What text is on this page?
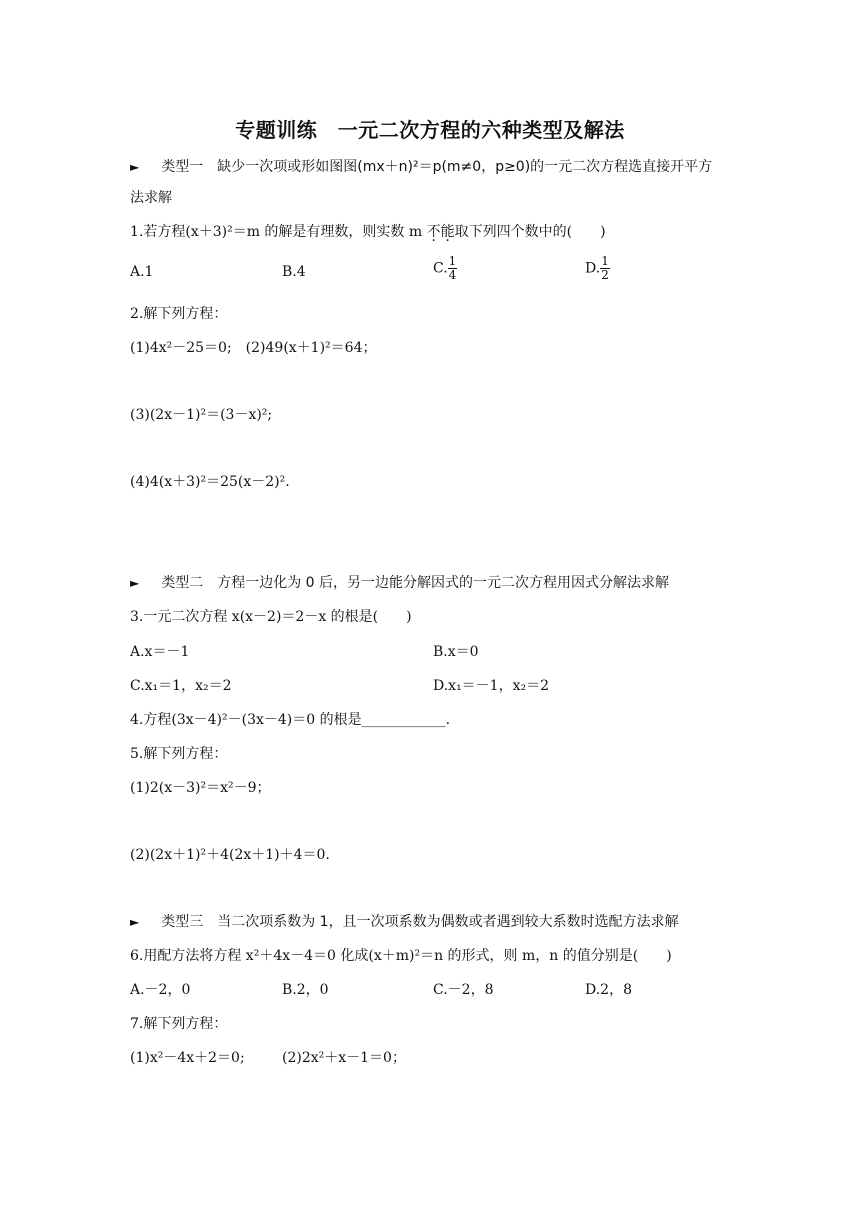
专题训练　一元二次方程的六种类型及解法
► 类型一　缺少一次项或形如图图(mx＋n)²＝p(m≠0，p≥0)的一元二次方程选直接开平方
法求解
1.若方程(x＋3)²＝m 的解是有理数，则实数 m 不能取下列四个数中的(　　)
A.1	B.4	C. $\frac{1}{4}$	D. $\frac{1}{2}$
2.解下列方程：
(1)4x²－25＝0;　(2)49(x＋1)²＝64；
(3)(2x－1)²＝(3－x)²;
(4)4(x＋3)²＝25(x－2)².
► 类型二　方程一边化为 0 后，另一边能分解因式的一元二次方程用因式分解法求解
3.一元二次方程 x(x－2)＝2－x 的根是(　　)
A.x＝－1	B.x＝0
C.x₁＝1，x₂＝2	D.x₁＝－1，x₂＝2
4.方程(3x－4)²－(3x－4)＝0 的根是____________.
5.解下列方程：
(1)2(x－3)²＝x²－9；
(2)(2x＋1)²＋4(2x＋1)＋4＝0.
► 类型三　当二次项系数为 1，且一次项系数为偶数或者遇到较大系数时选配方法求解
6.用配方法将方程 x²＋4x－4＝0 化成(x＋m)²＝n 的形式，则 m，n 的值分别是(　　)
A.－2，0	B.2，0	C.－2，8	D.2，8
7.解下列方程：
(1)x²－4x＋2＝0;	(2)2x²＋x－1＝0；
